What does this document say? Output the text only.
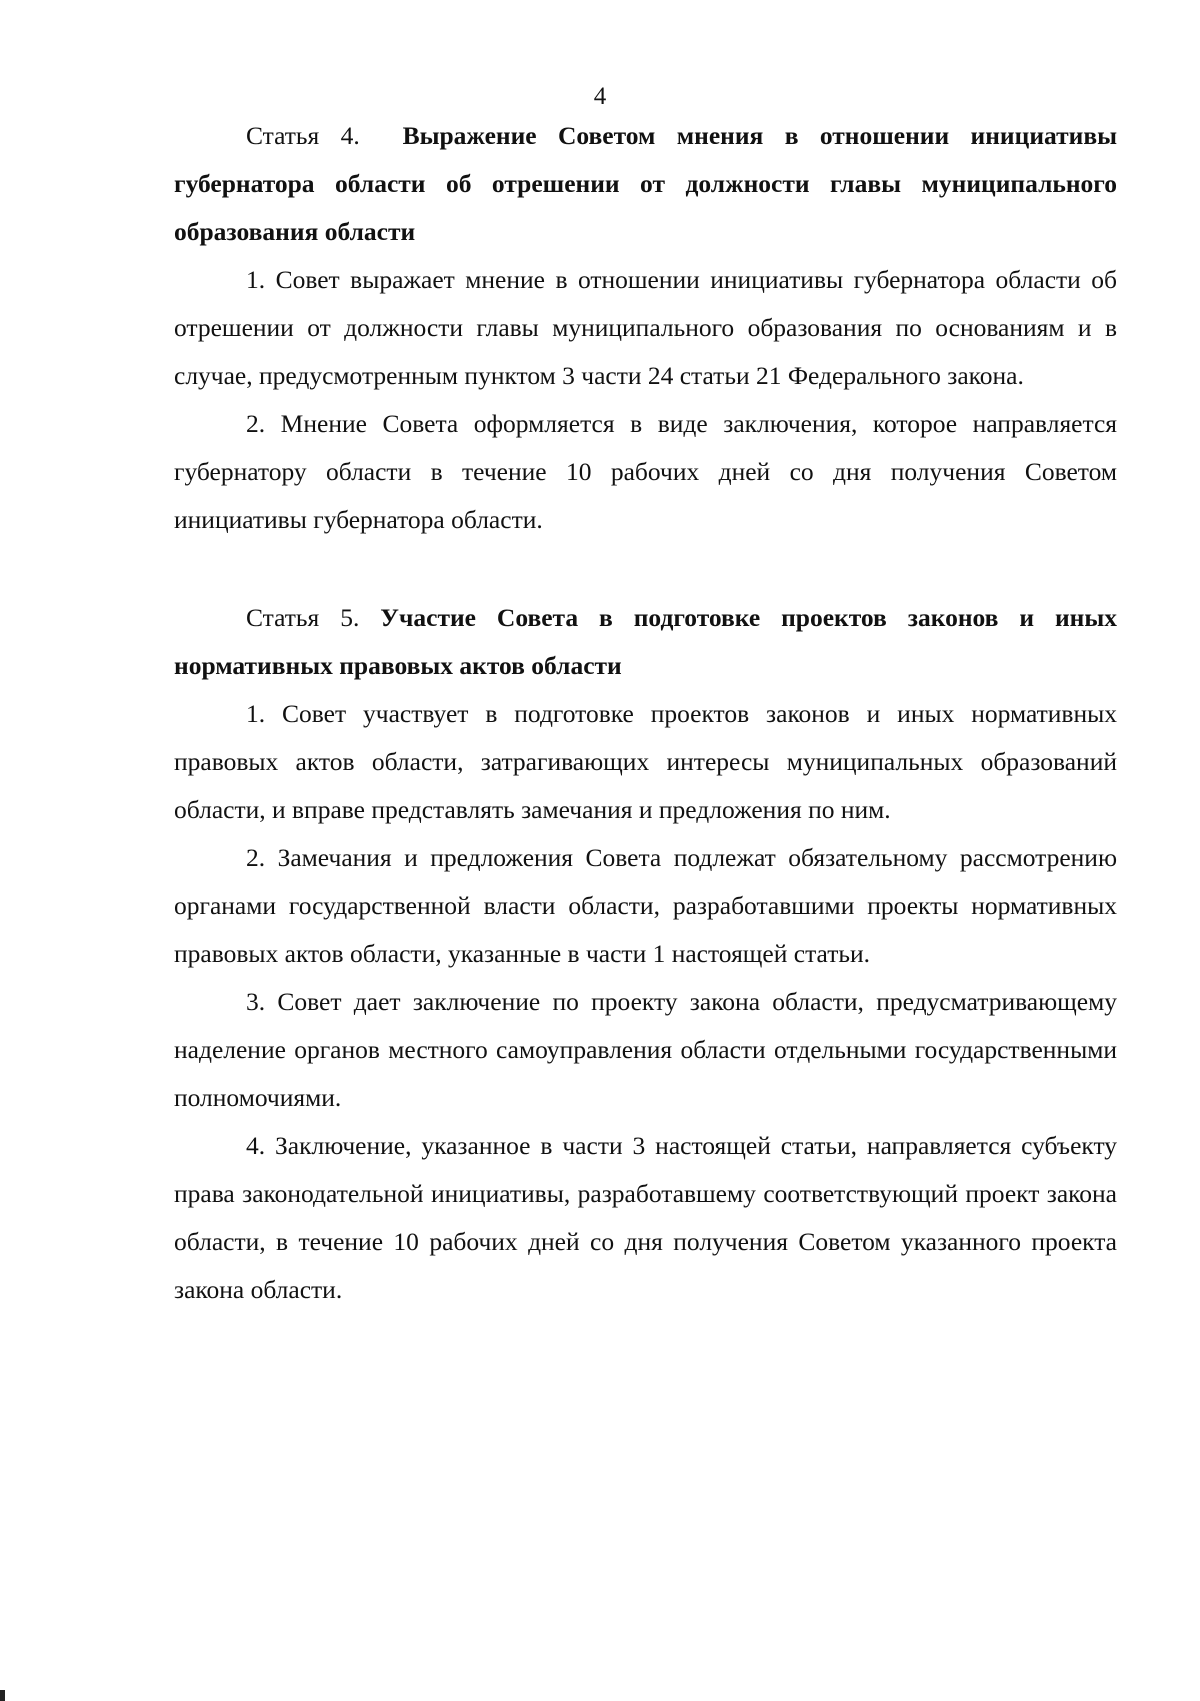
4
Статья 4. Выражение Советом мнения в отношении инициативы губернатора области об отрешении от должности главы муниципального образования области

1. Совет выражает мнение в отношении инициативы губернатора области об отрешении от должности главы муниципального образования по основаниям и в случае, предусмотренным пунктом 3 части 24 статьи 21 Федерального закона.

2. Мнение Совета оформляется в виде заключения, которое направляется губернатору области в течение 10 рабочих дней со дня получения Советом инициативы губернатора области.

Статья 5. Участие Совета в подготовке проектов законов и иных нормативных правовых актов области

1. Совет участвует в подготовке проектов законов и иных нормативных правовых актов области, затрагивающих интересы муниципальных образований области, и вправе представлять замечания и предложения по ним.

2. Замечания и предложения Совета подлежат обязательному рассмотрению органами государственной власти области, разработавшими проекты нормативных правовых актов области, указанные в части 1 настоящей статьи.

3. Совет дает заключение по проекту закона области, предусматривающему наделение органов местного самоуправления области отдельными государственными полномочиями.

4. Заключение, указанное в части 3 настоящей статьи, направляется субъекту права законодательной инициативы, разработавшему соответствующий проект закона области, в течение 10 рабочих дней со дня получения Советом указанного проекта закона области.
